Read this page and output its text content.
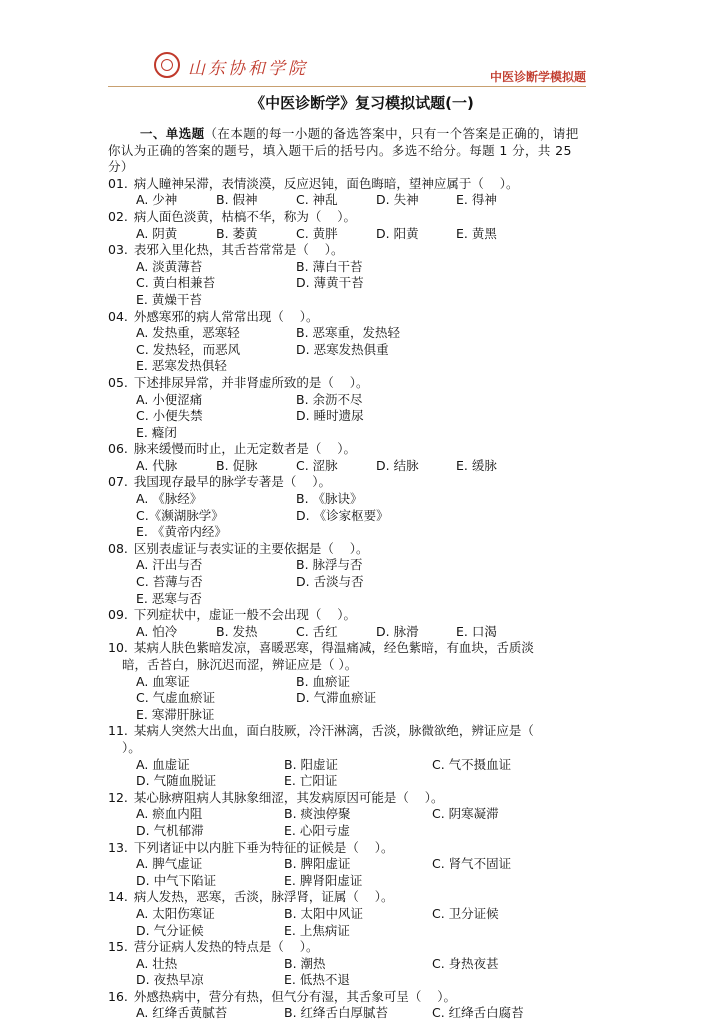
山东协和学院	中医诊断学模拟题
《中医诊断学》复习模拟试题(一)

一、单选题（在本题的每一小题的备选答案中，只有一个答案是正确的，请把你认为正确的答案的题号，填入题干后的括号内。多选不给分。每题 1 分，共 25 分）

01. 病人瞳神呆滞，表情淡漠，反应迟钝，面色晦暗，望神应属于（    ）。

A. 少神	B. 假神	C. 神乱	D. 失神	E. 得神

02. 病人面色淡黄，枯槁不华，称为（    ）。

A. 阴黄	B. 萎黄	C. 黄胖	D. 阳黄	E. 黄黑

03. 表邪入里化热，其舌苔常常是（    ）。

A. 淡黄薄苔	B. 薄白干苔
C. 黄白相兼苔	D. 薄黄干苔
E. 黄燥干苔

04. 外感寒邪的病人常常出现（    ）。

A. 发热重，恶寒轻	B. 恶寒重，发热轻
C. 发热轻，而恶风	D. 恶寒发热俱重
E. 恶寒发热俱轻

05. 下述排尿异常，并非肾虚所致的是（    ）。

A. 小便涩痛	B. 余沥不尽
C. 小便失禁	D. 睡时遗尿
E. 癃闭

06. 脉来缓慢而时止，止无定数者是（    ）。

A. 代脉	B. 促脉	C. 涩脉	D. 结脉	E. 缓脉

07. 我国现存最早的脉学专著是（    ）。

A. 《脉经》	B. 《脉诀》
C.《濒湖脉学》	D. 《诊家枢要》
E. 《黄帝内经》

08. 区别表虚证与表实证的主要依据是（    ）。

A. 汗出与否	B. 脉浮与否
C. 苔薄与否	D. 舌淡与否
E. 恶寒与否

09. 下列症状中，虚证一般不会出现（    ）。

A. 怕冷	B. 发热	C. 舌红	D. 脉滑	E. 口渴

10. 某病人肤色紫暗发凉，喜暖恶寒，得温痛减，经色紫暗，有血块，舌质淡

暗，舌苔白，脉沉迟而涩，辨证应是（ ）。

A. 血寒证	B. 血瘀证
C. 气虚血瘀证	D. 气滞血瘀证
E. 寒滞肝脉证

11. 某病人突然大出血，面白肢厥，冷汗淋漓，舌淡，脉微欲绝，辨证应是（

）。

A. 血虚证	B. 阳虚证	C. 气不摄血证
D. 气随血脱证	E. 亡阳证

12. 某心脉痹阻病人其脉象细涩，其发病原因可能是（    ）。

A. 瘀血内阻	B. 痰浊停聚	C. 阴寒凝滞
D. 气机郁滞	E. 心阳亏虚

13. 下列诸证中以内脏下垂为特征的证候是（    ）。

A. 脾气虚证	B. 脾阳虚证	C. 肾气不固证
D. 中气下陷证	E. 脾肾阳虚证

14. 病人发热，恶寒，舌淡，脉浮肾，证属（    ）。

A. 太阳伤寒证	B. 太阳中风证	C. 卫分证候
D. 气分证候	E. 上焦病证

15. 营分证病人发热的特点是（    ）。

A. 壮热	B. 潮热	C. 身热夜甚
D. 夜热早凉	E. 低热不退

16. 外感热病中，营分有热，但气分有湿，其舌象可呈（    ）。

A. 红绛舌黄腻苔	B. 红绛舌白厚腻苔	C. 红绛舌白腐苔
